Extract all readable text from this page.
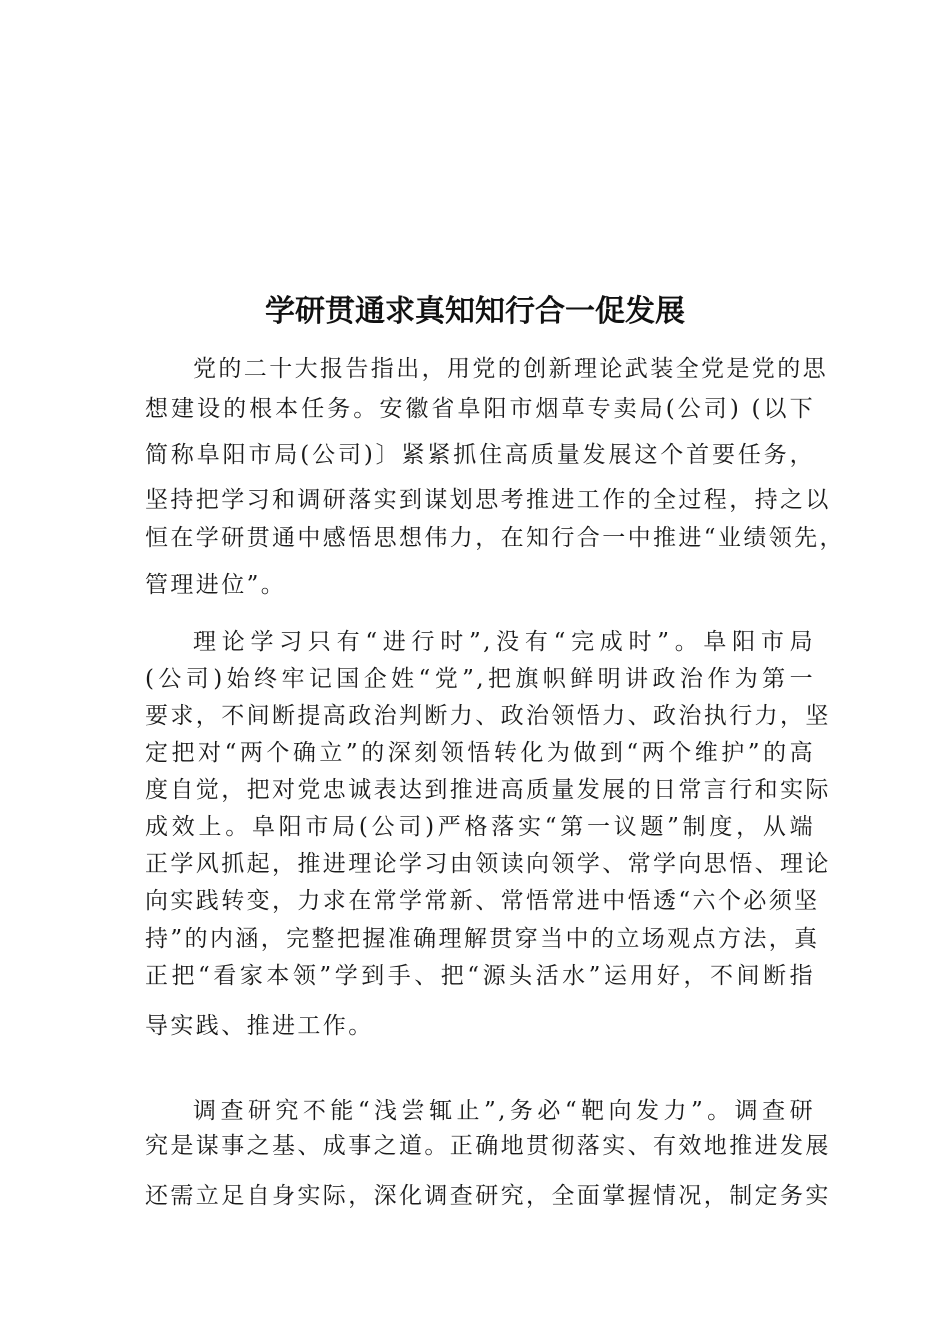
学研贯通求真知知行合一促发展
党的二十大报告指出，用党的创新理论武装全党是党的思
想建设的根本任务。安徽省阜阳市烟草专卖局(公司) (以下
简称阜阳市局(公司)〕紧紧抓住高质量发展这个首要任务，
坚持把学习和调研落实到谋划思考推进工作的全过程，持之以
恒在学研贯通中感悟思想伟力，在知行合一中推进“业绩领先，
管理进位”。
理论学习只有“进行时”,没有“完成时”。阜阳市局
(公司)始终牢记国企姓“党”,把旗帜鲜明讲政治作为第一
要求，不间断提高政治判断力、政治领悟力、政治执行力，坚
定把对“两个确立”的深刻领悟转化为做到“两个维护”的高
度自觉，把对党忠诚表达到推进高质量发展的日常言行和实际
成效上。阜阳市局(公司)严格落实“第一议题”制度，从端
正学风抓起，推进理论学习由领读向领学、常学向思悟、理论
向实践转变，力求在常学常新、常悟常进中悟透“六个必须坚
持”的内涵，完整把握准确理解贯穿当中的立场观点方法，真
正把“看家本领”学到手、把“源头活水”运用好，不间断指
导实践、推进工作。
调查研究不能“浅尝辄止”,务必“靶向发力”。调查研
究是谋事之基、成事之道。正确地贯彻落实、有效地推进发展
还需立足自身实际，深化调查研究，全面掌握情况，制定务实
